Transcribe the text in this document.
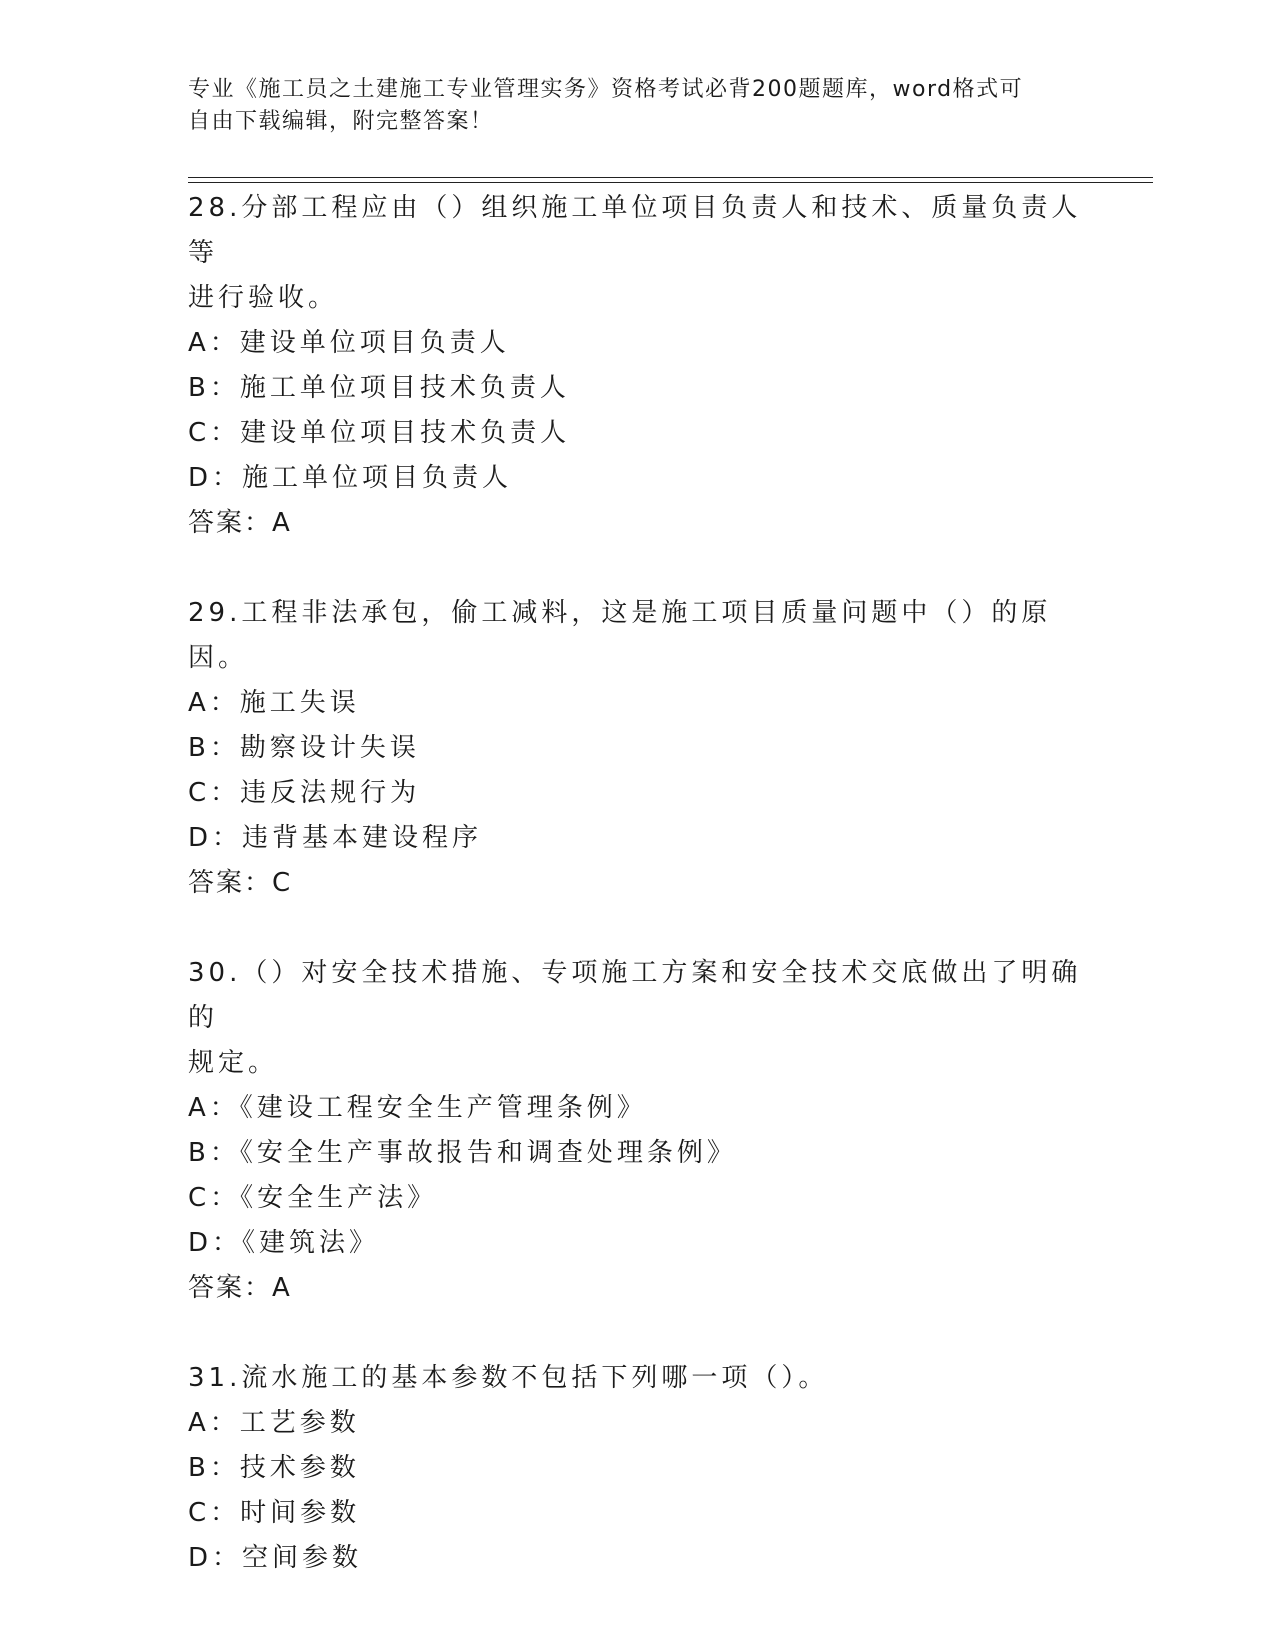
专业《施工员之土建施工专业管理实务》资格考试必背200题题库，word格式可
自由下载编辑，附完整答案！

28.分部工程应由（）组织施工单位项目负责人和技术、质量负责人等

进行验收。

A：建设单位项目负责人

B：施工单位项目技术负责人

C：建设单位项目技术负责人

D：施工单位项目负责人

答案：A

29.工程非法承包，偷工减料，这是施工项目质量问题中（）的原因。

A：施工失误

B：勘察设计失误

C：违反法规行为

D：违背基本建设程序

答案：C

30.（）对安全技术措施、专项施工方案和安全技术交底做出了明确的

规定。

A：《建设工程安全生产管理条例》

B：《安全生产事故报告和调查处理条例》

C：《安全生产法》

D：《建筑法》

答案：A

31.流水施工的基本参数不包括下列哪一项（）。

A：工艺参数

B：技术参数

C：时间参数

D：空间参数
